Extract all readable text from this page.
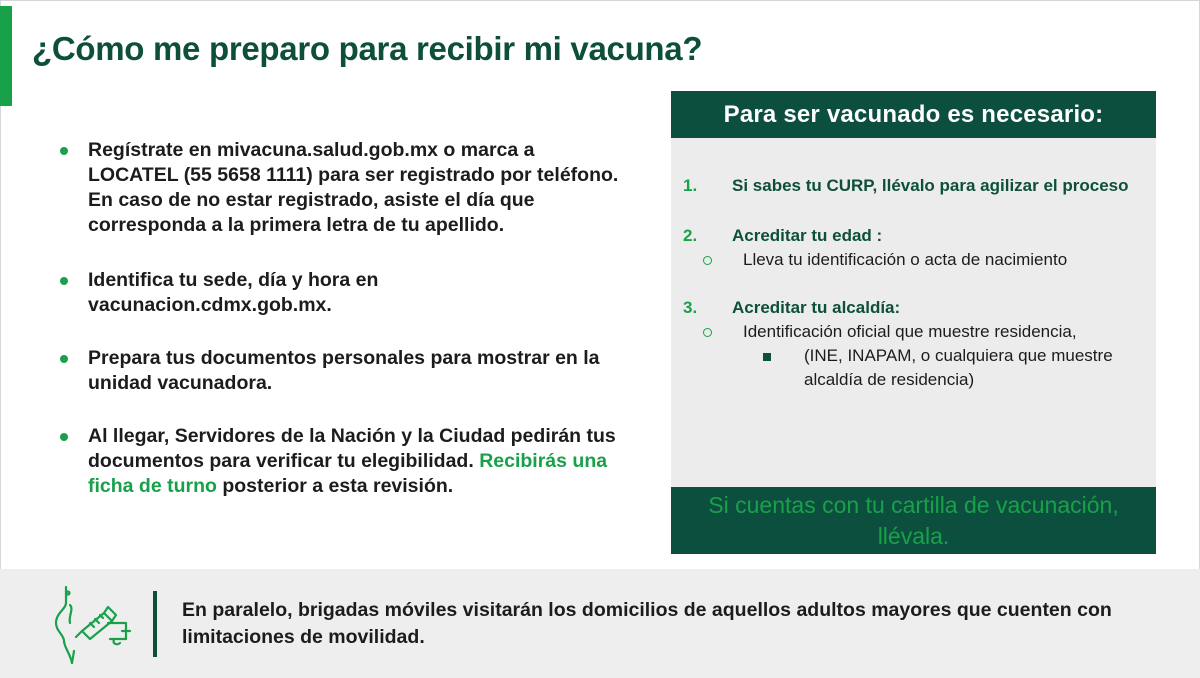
¿Cómo me preparo para recibir mi vacuna?
Regístrate en mivacuna.salud.gob.mx o marca a LOCATEL (55 5658 1111) para ser registrado por teléfono. En caso de no estar registrado, asiste el día que corresponda a la primera letra de tu apellido.
Identifica tu sede, día y hora en vacunacion.cdmx.gob.mx.
Prepara tus documentos personales para mostrar en la unidad vacunadora.
Al llegar, Servidores de la Nación y la Ciudad pedirán tus documentos para verificar tu elegibilidad. Recibirás una ficha de turno posterior a esta revisión.
Para ser vacunado es necesario:
1. Si sabes tu CURP, llévalo para agilizar el proceso
2. Acreditar tu edad :
Lleva tu identificación o acta de nacimiento
3. Acreditar tu alcaldía:
Identificación oficial que muestre residencia,
(INE, INAPAM, o cualquiera que muestre alcaldía de residencia)
Si cuentas con tu cartilla de vacunación, llévala.
En paralelo, brigadas móviles visitarán los domicilios de aquellos adultos mayores que cuenten con limitaciones de movilidad.
